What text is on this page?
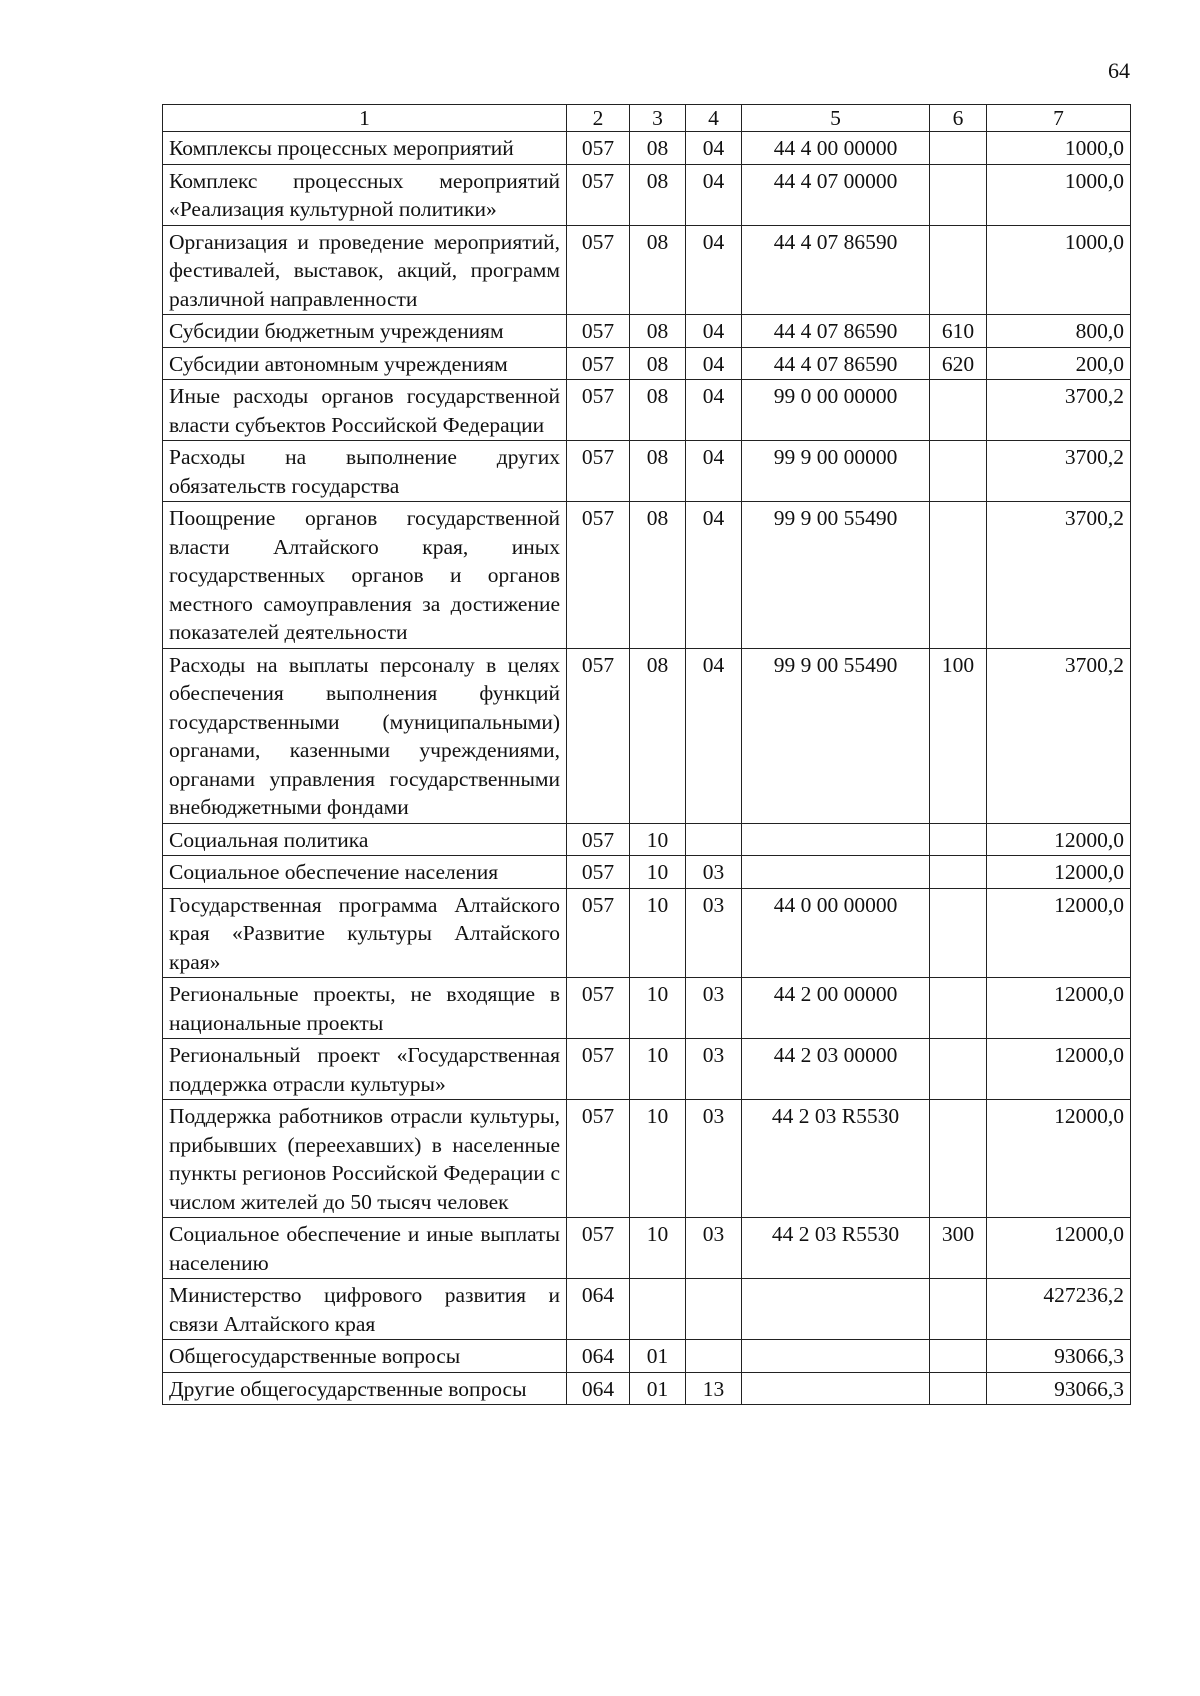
64
1	2	3	4	5	6	7
Комплексы процессных мероприятий	057	08	04	44 4 00 00000		1000,0
Комплекс процессных мероприятий «Реализация культурной политики»	057	08	04	44 4 07 00000		1000,0
Организация и проведение мероприятий, фестивалей, выставок, акций, программ различной направленности	057	08	04	44 4 07 86590		1000,0
Субсидии бюджетным учреждениям	057	08	04	44 4 07 86590	610	800,0
Субсидии автономным учреждениям	057	08	04	44 4 07 86590	620	200,0
Иные расходы органов государственной власти субъектов Российской Федерации	057	08	04	99 0 00 00000		3700,2
Расходы на выполнение других обязательств государства	057	08	04	99 9 00 00000		3700,2
Поощрение органов государственной власти Алтайского края, иных государственных органов и органов местного самоуправления за достижение показателей деятельности	057	08	04	99 9 00 55490		3700,2
Расходы на выплаты персоналу в целях обеспечения выполнения функций государственными (муниципальными) органами, казенными учреждениями, органами управления государственными внебюджетными фондами	057	08	04	99 9 00 55490	100	3700,2
Социальная политика	057	10				12000,0
Социальное обеспечение населения	057	10	03			12000,0
Государственная программа Алтайского края «Развитие культуры Алтайского края»	057	10	03	44 0 00 00000		12000,0
Региональные проекты, не входящие в национальные проекты	057	10	03	44 2 00 00000		12000,0
Региональный проект «Государственная поддержка отрасли культуры»	057	10	03	44 2 03 00000		12000,0
Поддержка работников отрасли культуры, прибывших (переехавших) в населенные пункты регионов Российской Федерации с числом жителей до 50 тысяч человек	057	10	03	44 2 03 R5530		12000,0
Социальное обеспечение и иные выплаты населению	057	10	03	44 2 03 R5530	300	12000,0
Министерство цифрового развития и связи Алтайского края	064					427236,2
Общегосударственные вопросы	064	01				93066,3
Другие общегосударственные вопросы	064	01	13			93066,3
